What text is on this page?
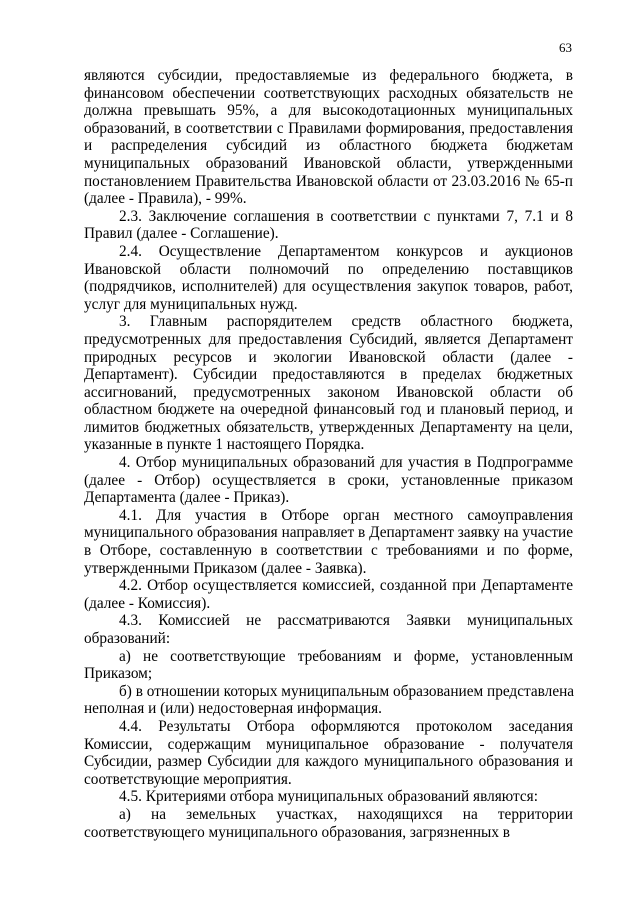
63
являются субсидии, предоставляемые из федерального бюджета, в
финансовом обеспечении соответствующих расходных обязательств не
должна превышать 95%, а для высокодотационных муниципальных
образований, в соответствии с Правилами формирования, предоставления
и распределения субсидий из областного бюджета бюджетам
муниципальных образований Ивановской области, утвержденными
постановлением Правительства Ивановской области от 23.03.2016 № 65-п
(далее - Правила), - 99%.
2.3. Заключение соглашения в соответствии с пунктами 7, 7.1 и 8
Правил (далее - Соглашение).
2.4. Осуществление Департаментом конкурсов и аукционов
Ивановской области полномочий по определению поставщиков
(подрядчиков, исполнителей) для осуществления закупок товаров, работ,
услуг для муниципальных нужд.
3. Главным распорядителем средств областного бюджета,
предусмотренных для предоставления Субсидий, является Департамент
природных ресурсов и экологии Ивановской области (далее -
Департамент). Субсидии предоставляются в пределах бюджетных
ассигнований, предусмотренных законом Ивановской области об
областном бюджете на очередной финансовый год и плановый период, и
лимитов бюджетных обязательств, утвержденных Департаменту на цели,
указанные в пункте 1 настоящего Порядка.
4. Отбор муниципальных образований для участия в Подпрограмме
(далее - Отбор) осуществляется в сроки, установленные приказом
Департамента (далее - Приказ).
4.1. Для участия в Отборе орган местного самоуправления
муниципального образования направляет в Департамент заявку на участие
в Отборе, составленную в соответствии с требованиями и по форме,
утвержденными Приказом (далее - Заявка).
4.2. Отбор осуществляется комиссией, созданной при Департаменте
(далее - Комиссия).
4.3. Комиссией не рассматриваются Заявки муниципальных
образований:
а) не соответствующие требованиям и форме, установленным
Приказом;
б) в отношении которых муниципальным образованием представлена
неполная и (или) недостоверная информация.
4.4. Результаты Отбора оформляются протоколом заседания
Комиссии, содержащим муниципальное образование - получателя
Субсидии, размер Субсидии для каждого муниципального образования и
соответствующие мероприятия.
4.5. Критериями отбора муниципальных образований являются:
а) на земельных участках, находящихся на территории
соответствующего муниципального образования, загрязненных в
